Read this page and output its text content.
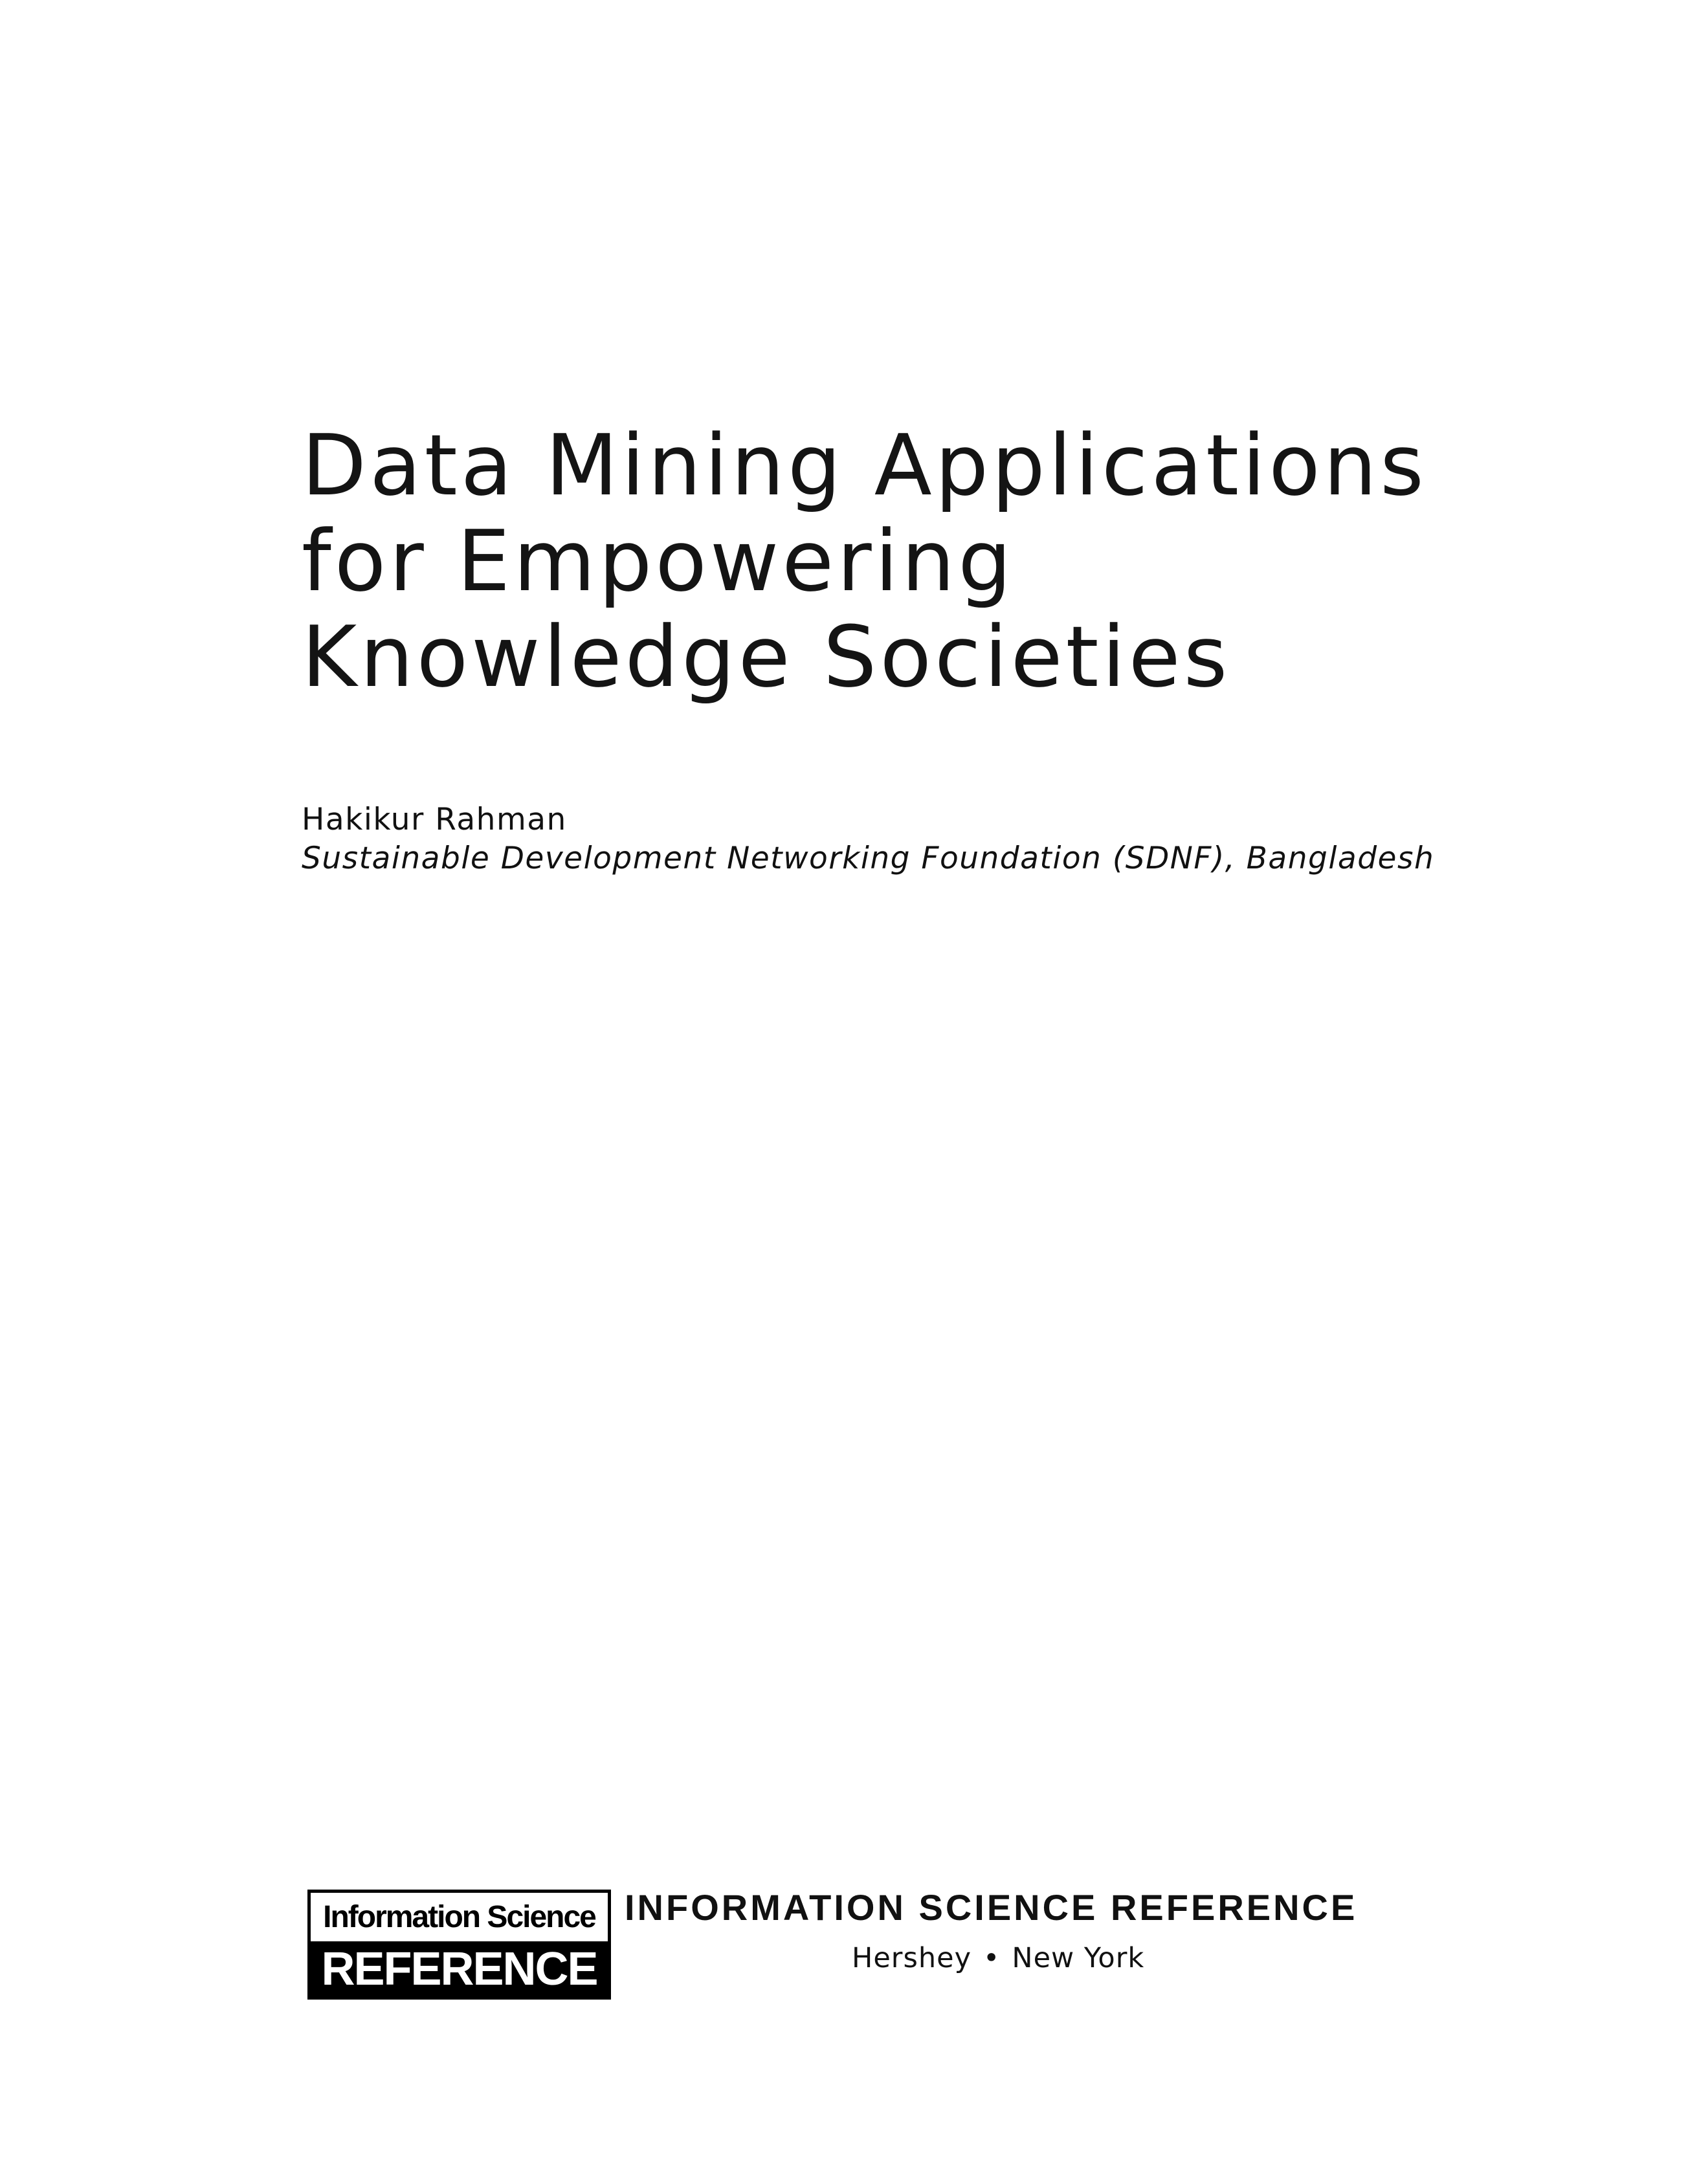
Data Mining Applications
for Empowering
Knowledge Societies
Hakikur Rahman
Sustainable Development Networking Foundation (SDNF), Bangladesh
Information Science
REFERENCE
INFORMATION SCIENCE REFERENCE
Hershey • New York
